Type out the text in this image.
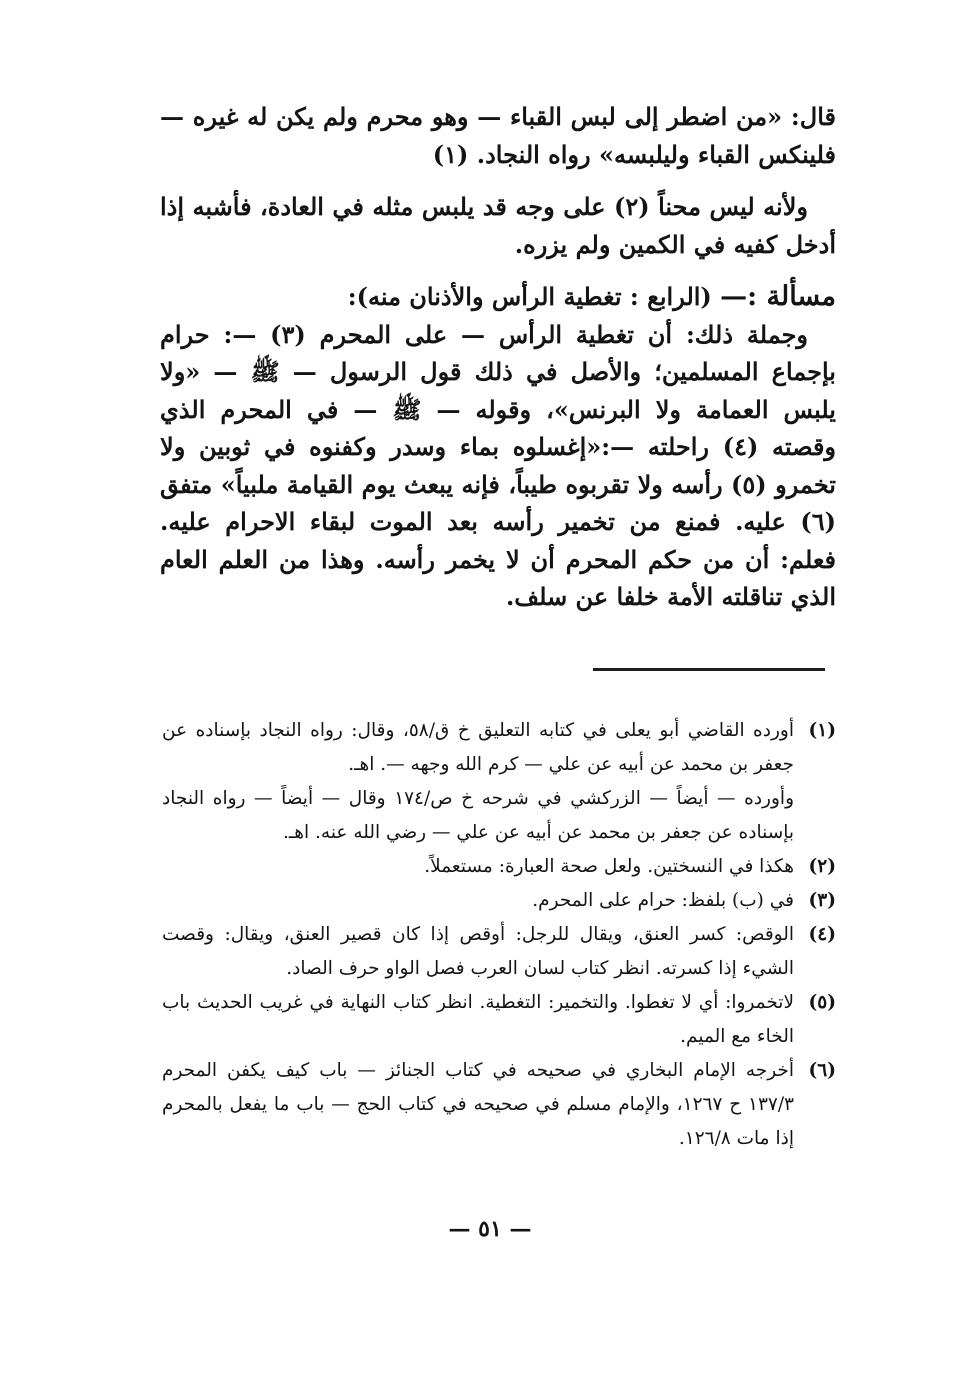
قال: «من اضطر إلى لبس القباء — وهو محرم ولم يكن له غيره — فلينكس القباء وليلبسه» رواه النجاد. (١)

ولأنه ليس محناً (٢) على وجه قد يلبس مثله في العادة، فأشبه إذا أدخل كفيه في الكمين ولم يزره.

مسألة :— (الرابع : تغطية الرأس والأذنان منه):

وجملة ذلك: أن تغطية الرأس — على المحرم (٣) —: حرام بإجماع المسلمين؛ والأصل في ذلك قول الرسول — ﷺ — «ولا يلبس العمامة ولا البرنس»، وقوله — ﷺ — في المحرم الذي وقصته (٤) راحلته —:«إغسلوه بماء وسدر وكفنوه في ثوبين ولا تخمرو (٥) رأسه ولا تقربوه طيباً، فإنه يبعث يوم القيامة ملبياً» متفق (٦) عليه. فمنع من تخمير رأسه بعد الموت لبقاء الاحرام عليه. فعلم: أن من حكم المحرم أن لا يخمر رأسه. وهذا من العلم العام الذي تناقلته الأمة خلفا عن سلف.

(١)
أورده القاضي أبو يعلى في كتابه التعليق خ ق/٥٨، وقال: رواه النجاد بإسناده عن جعفر بن محمد عن أبيه عن علي — كرم الله وجهه —. اهـ.
وأورده — أيضاً — الزركشي في شرحه خ ص/١٧٤ وقال — أيضاً — رواه النجاد بإسناده عن جعفر بن محمد عن أبيه عن علي — رضي الله عنه. اهـ.
(٢)
هكذا في النسختين. ولعل صحة العبارة: مستعملاً.
(٣)
في (ب) بلفظ: حرام على المحرم.
(٤)
الوقص: كسر العنق، ويقال للرجل: أوقص إذا كان قصير العنق، ويقال: وقصت الشيء إذا كسرته. انظر كتاب لسان العرب فصل الواو حرف الصاد.
(٥)
لاتخمروا: أي لا تغطوا. والتخمير: التغطية. انظر كتاب النهاية في غريب الحديث باب الخاء مع الميم.
(٦)
أخرجه الإمام البخاري في صحيحه في كتاب الجنائز — باب كيف يكفن المحرم ١٣٧/٣ ح ١٢٦٧، والإمام مسلم في صحيحه في كتاب الحج — باب ما يفعل بالمحرم إذا مات ١٢٦/٨.
— ٥١ —
